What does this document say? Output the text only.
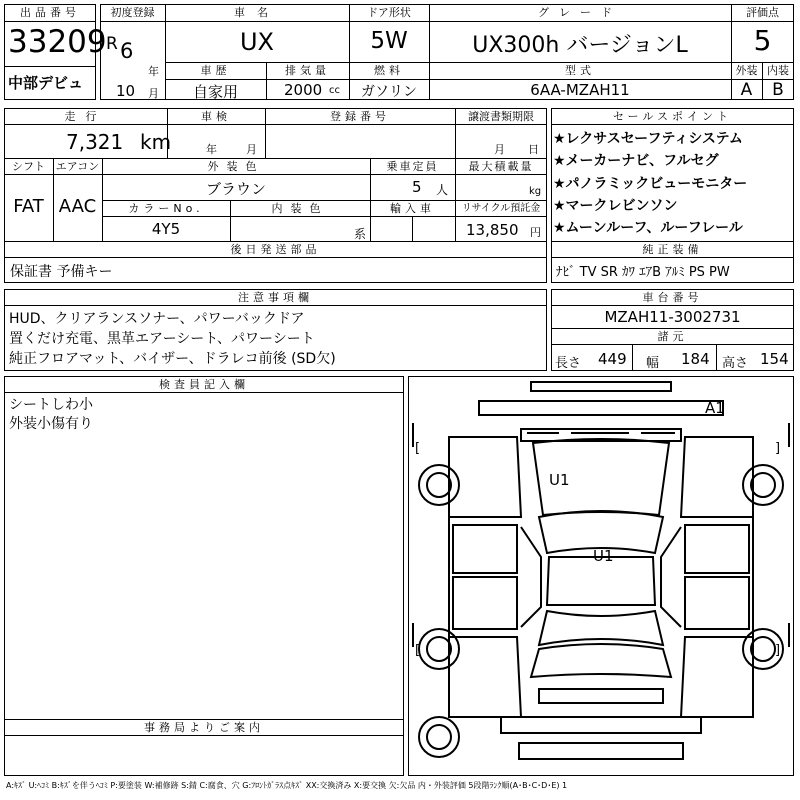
出品番号
33209
中部デビュ
初度登録
R 6
年
10 月
車名
UX
ドア形状
5W
グレード
UX300h バージョンL
車歴
自家用
排気量
2000 cc
燃料
ガソリン
型式
6AA-MZAH11
評価点
5
外装 内装
A	B
走行
7,321 km
車検
年	月
登録番号	譲渡書類期限
月 日
シフト
FAT
エアコン
AAC
外装色
ブラウン
乗車定員
5 人
最大積載量
kg
カラーNo.
4Y5
内装色
系
輸入車	リサイクル預託金
13,850 円
後日発送部品
保証書 予備キー
セールスポイント
★レクサスセーフティシステム
★メーカーナビ、フルセグ
★パノラミックビューモニター
★マークレビンソン
★ムーンルーフ、ルーフレール
純正装備
ﾅﾋﾞ TV SR ｶﾜ ｴｱB ｱﾙﾐ PS PW
注意事項欄
HUD、クリアランスソナー、パワーバックドア
置くだけ充電、黒革エアーシート、パワーシート
純正フロアマット、バイザー、ドラレコ前後 (SD欠)
車台番号
MZAH11-3002731
諸元
長さ 449 幅 184 高さ 154
検査員記入欄
シートしわ小
外装小傷有り
事務局よりご案内
[	]
[	]
A1
U1
U1
A:ｷｽﾞ U:ﾍｺﾐ B:ｷｽﾞを伴うﾍｺﾐ P:要塗装 W:補修跡 S:錆 C:腐食、穴 G:ﾌﾛﾝﾄｶﾞﾗｽ点ｷｽﾞ XX:交換済み X:要交換 欠:欠品 内・外装評価 5段階ﾗﾝｸ順(A･B･C･D･E) 1
